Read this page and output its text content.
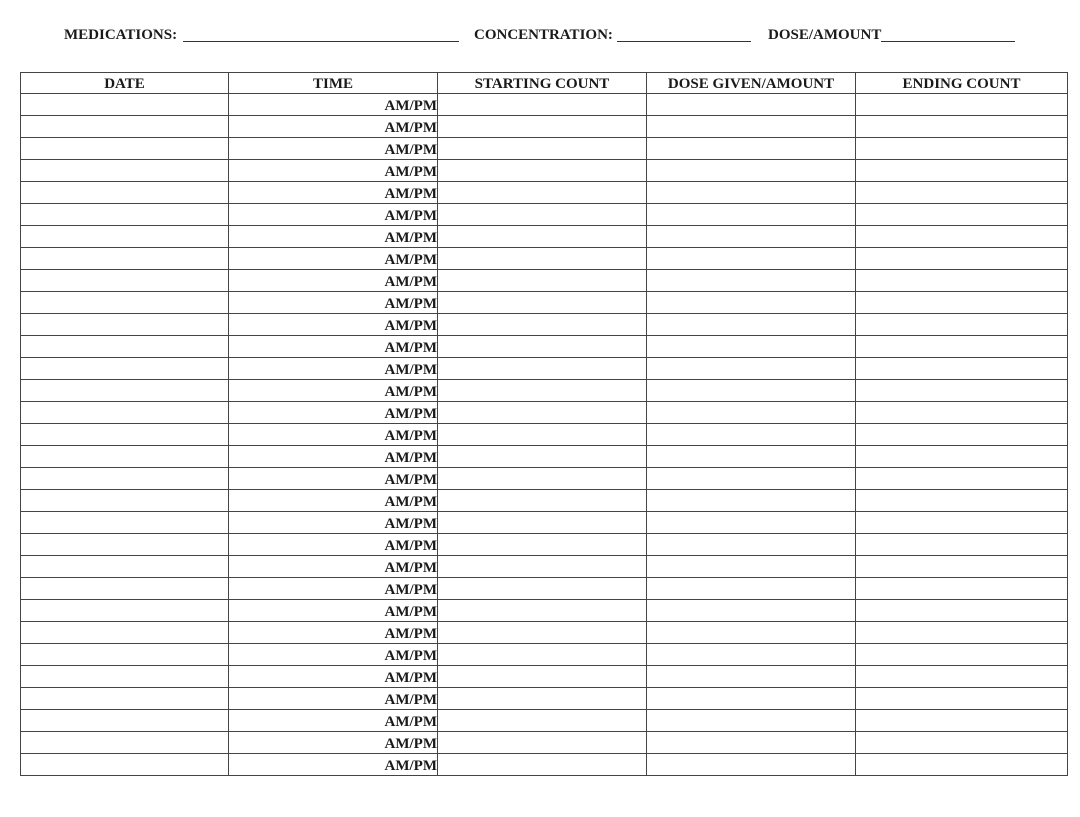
MEDICATIONS:	CONCENTRATION:	DOSE/AMOUNT
DATE	TIME	STARTING COUNT	DOSE GIVEN/AMOUNT	ENDING COUNT
	AM/PM			
	AM/PM			
	AM/PM			
	AM/PM			
	AM/PM			
	AM/PM			
	AM/PM			
	AM/PM			
	AM/PM			
	AM/PM			
	AM/PM			
	AM/PM			
	AM/PM			
	AM/PM			
	AM/PM			
	AM/PM			
	AM/PM			
	AM/PM			
	AM/PM			
	AM/PM			
	AM/PM			
	AM/PM			
	AM/PM			
	AM/PM			
	AM/PM			
	AM/PM			
	AM/PM			
	AM/PM			
	AM/PM			
	AM/PM			
	AM/PM			
